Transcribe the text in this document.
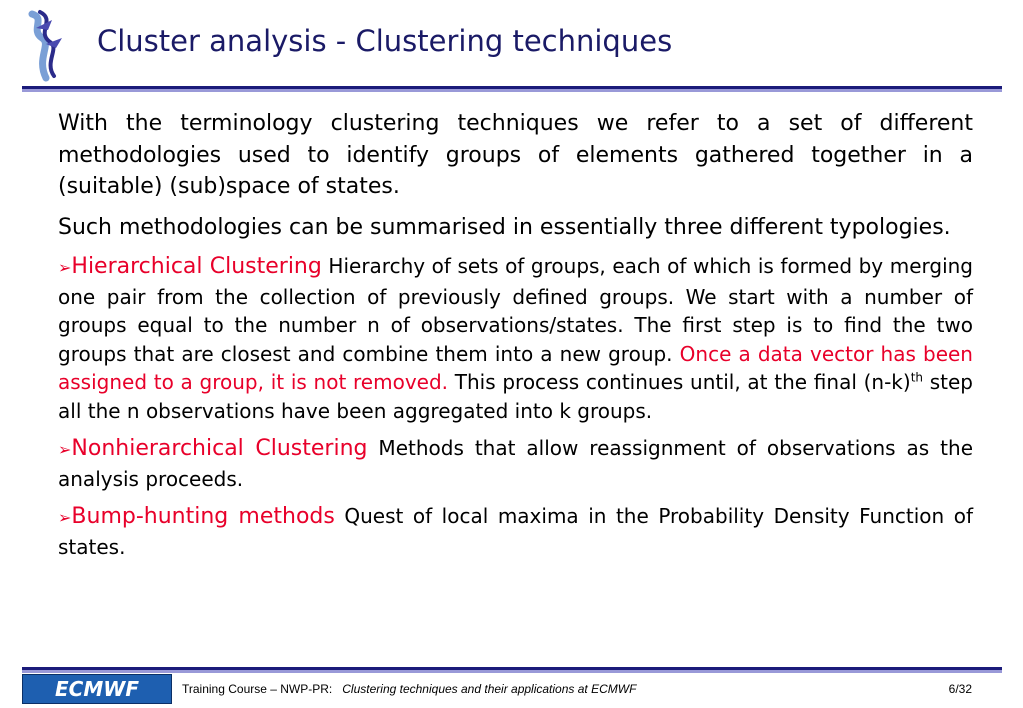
Cluster analysis - Clustering techniques

With the terminology clustering techniques we refer to a set of different methodologies used to identify groups of elements gathered together in a (suitable) (sub)space of states.

Such methodologies can be summarised in essentially three different typologies.

➢Hierarchical Clustering Hierarchy of sets of groups, each of which is formed by merging one pair from the collection of previously defined groups. We start with a number of groups equal to the number n of observations/states. The first step is to find the two groups that are closest and combine them into a new group. Once a data vector has been assigned to a group, it is not removed. This process continues until, at the final $(n-k)^{th}$ step all the n observations have been aggregated into k groups.

➢Nonhierarchical Clustering Methods that allow reassignment of observations as the analysis proceeds.

➢Bump-hunting methods Quest of local maxima in the Probability Density Function of states.

ECMWF	Training Course – NWP-PR: Clustering techniques and their applications at ECMWF	6/32
